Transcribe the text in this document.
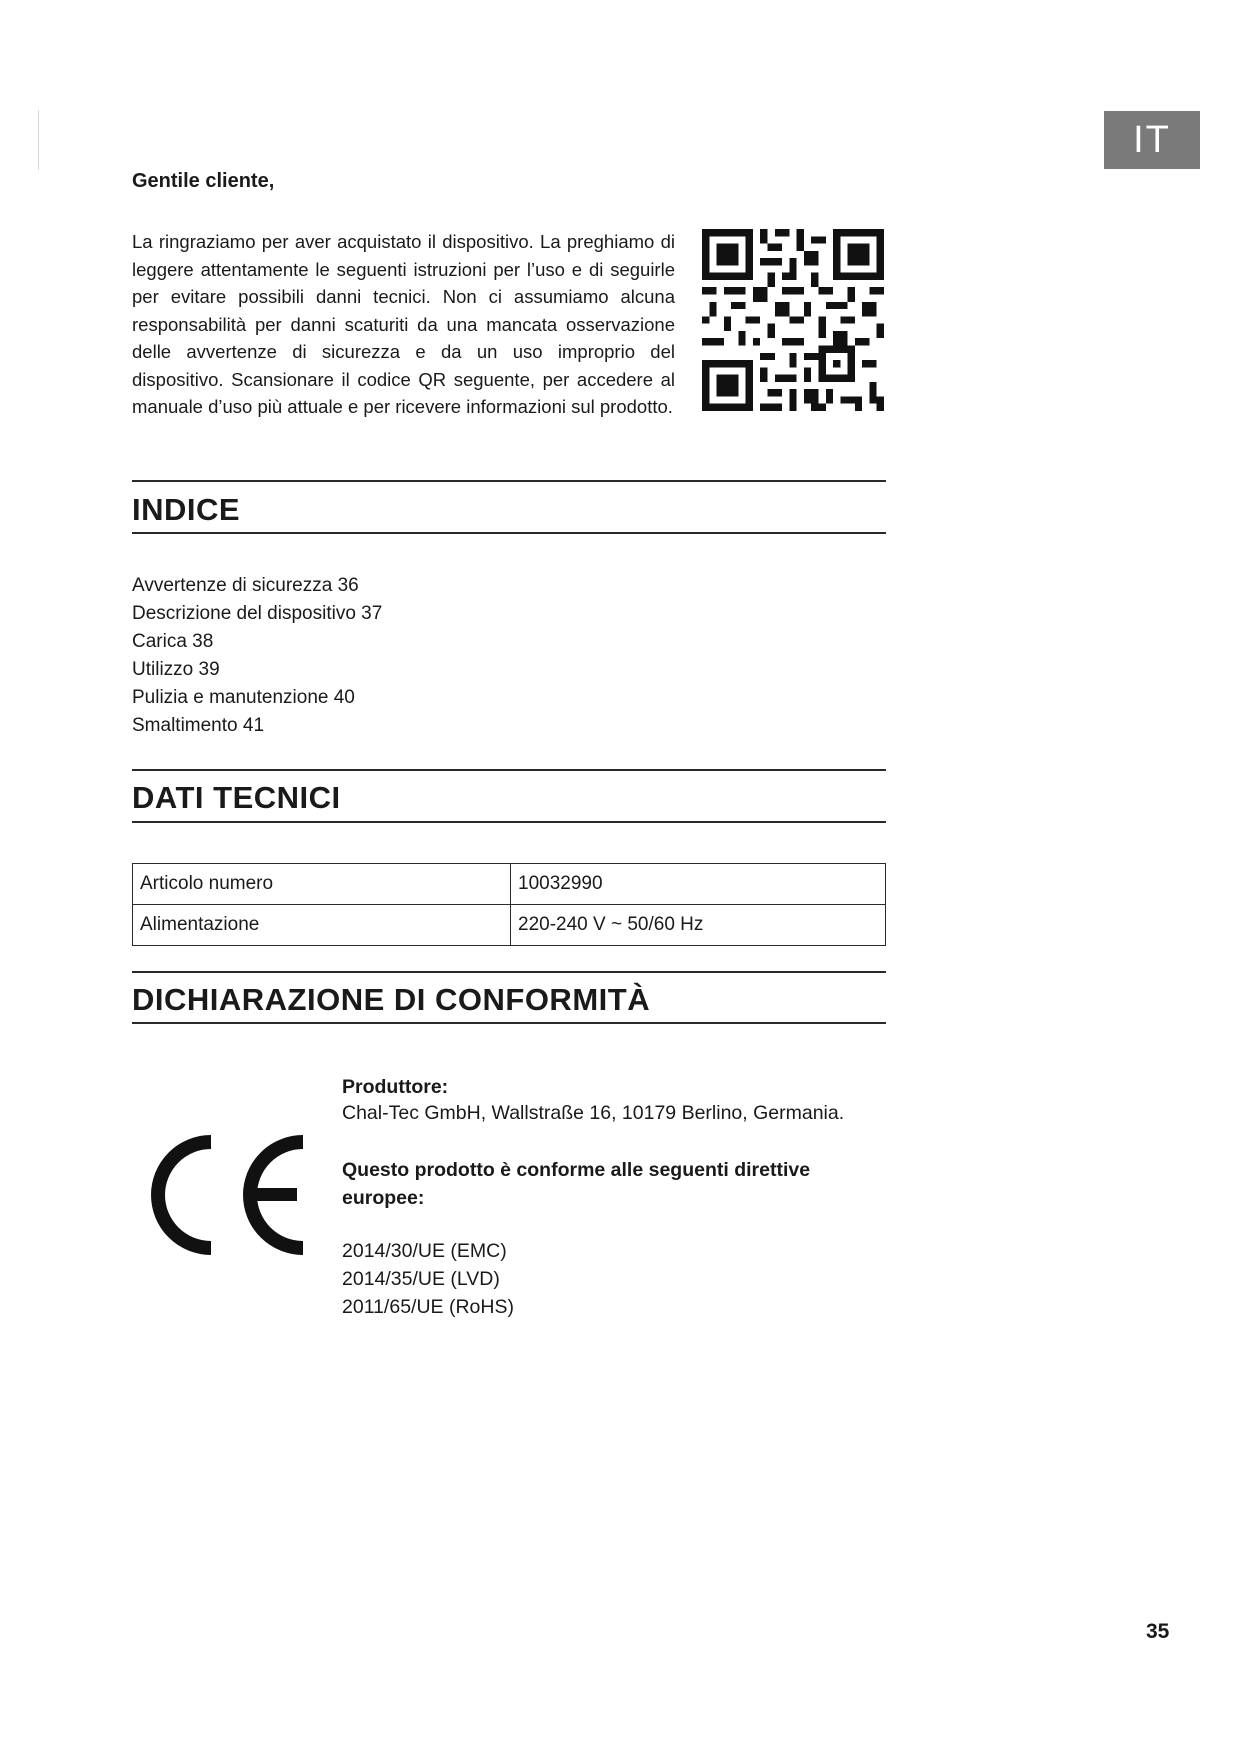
IT
Gentile cliente,
La ringraziamo per aver acquistato il dispositivo. La preghiamo di leggere attentamente le seguenti istruzioni per l’uso e di seguirle per evitare possibili danni tecnici. Non ci assumiamo alcuna responsabilità per danni scaturiti da una mancata osservazione delle avvertenze di sicurezza e da un uso improprio del dispositivo. Scansionare il codice QR seguente, per accedere al manuale d’uso più attuale e per ricevere informazioni sul prodotto.
INDICE
Avvertenze di sicurezza 36
Descrizione del dispositivo 37
Carica 38
Utilizzo 39
Pulizia e manutenzione 40
Smaltimento 41
DATI TECNICI
Articolo numero	10032990
Alimentazione	220-240 V ~ 50/60 Hz
DICHIARAZIONE DI CONFORMITÀ
Produttore:
Chal-Tec GmbH, Wallstraße 16, 10179 Berlino, Germania.
Questo prodotto è conforme alle seguenti direttive
europee:
2014/30/UE (EMC)
2014/35/UE (LVD)
2011/65/UE (RoHS)
35
